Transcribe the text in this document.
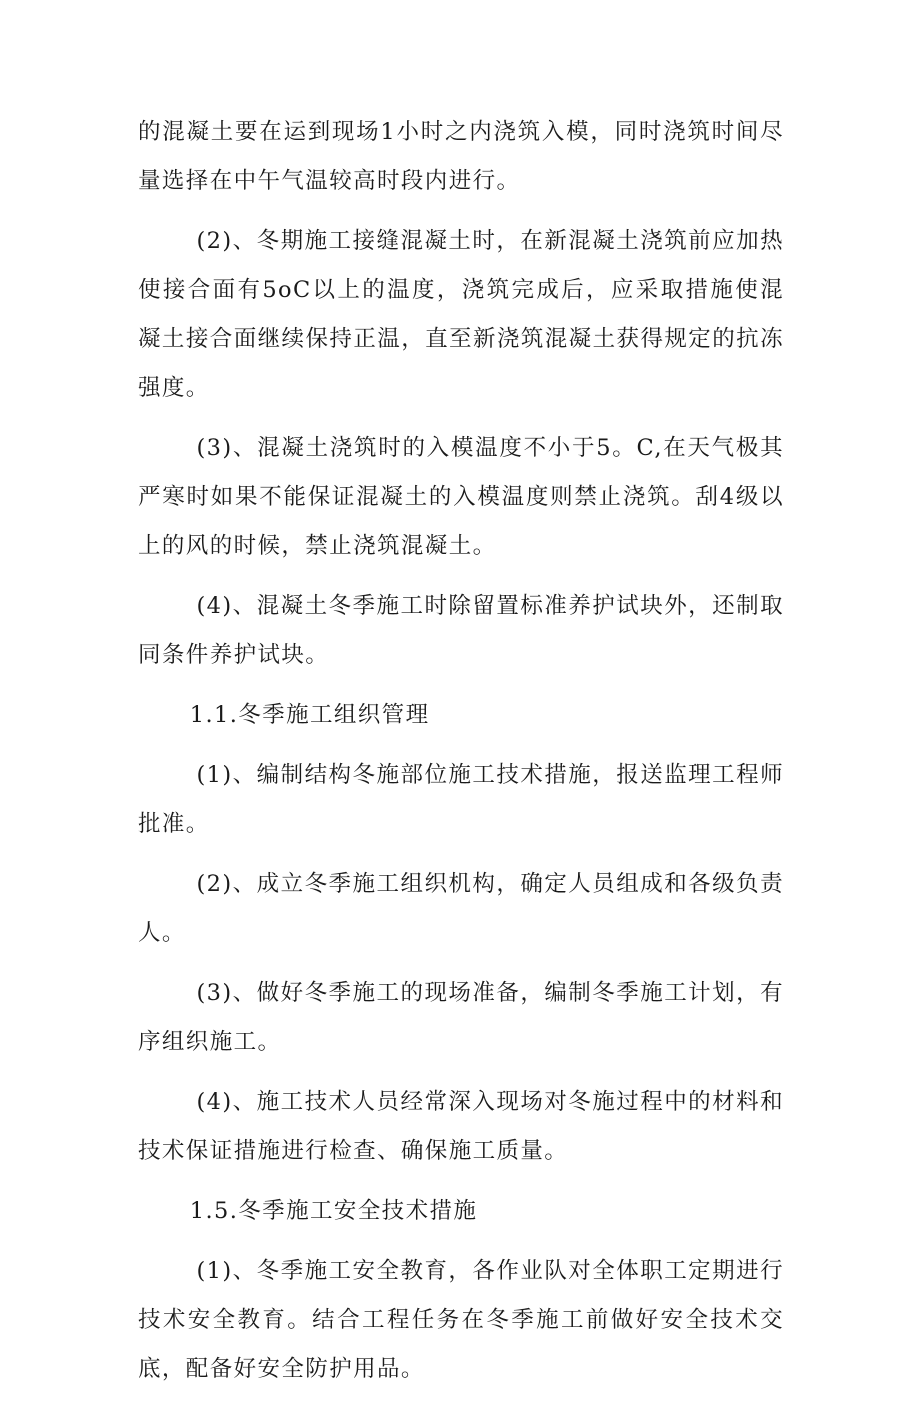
的混凝土要在运到现场1小时之内浇筑入模，同时浇筑时间尽量选择在中午气温较高时段内进行。

(2)、冬期施工接缝混凝土时，在新混凝土浇筑前应加热使接合面有5oC以上的温度，浇筑完成后，应采取措施使混凝土接合面继续保持正温，直至新浇筑混凝土获得规定的抗冻强度。

(3)、混凝土浇筑时的入模温度不小于5。C,在天气极其严寒时如果不能保证混凝土的入模温度则禁止浇筑。刮4级以上的风的时候，禁止浇筑混凝土。

(4)、混凝土冬季施工时除留置标准养护试块外，还制取同条件养护试块。

1.1.冬季施工组织管理

(1)、编制结构冬施部位施工技术措施，报送监理工程师批准。

(2)、成立冬季施工组织机构，确定人员组成和各级负责人。

(3)、做好冬季施工的现场准备，编制冬季施工计划，有序组织施工。

(4)、施工技术人员经常深入现场对冬施过程中的材料和技术保证措施进行检查、确保施工质量。

1.5.冬季施工安全技术措施

(1)、冬季施工安全教育，各作业队对全体职工定期进行技术安全教育。结合工程任务在冬季施工前做好安全技术交底，配备好安全防护用品。
